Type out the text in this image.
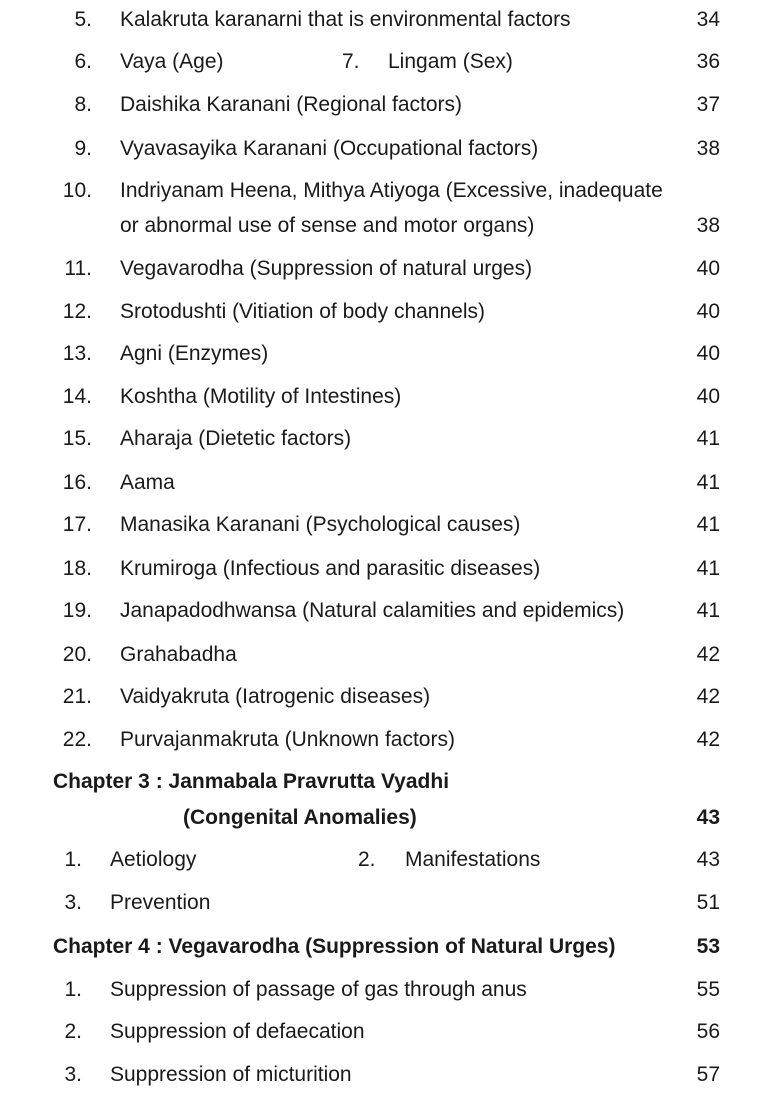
5. Kalakruta karanarni that is environmental factors	34
6. Vaya (Age)	7. Lingam (Sex)	36
8. Daishika Karanani (Regional factors)	37
9. Vyavasayika Karanani (Occupational factors)	38
10. Indriyanam Heena, Mithya Atiyoga (Excessive, inadequate
or abnormal use of sense and motor organs)	38
11. Vegavarodha (Suppression of natural urges)	40
12. Srotodushti (Vitiation of body channels)	40
13. Agni (Enzymes)	40
14. Koshtha (Motility of Intestines)	40
15. Aharaja (Dietetic factors)	41
16. Aama	41
17. Manasika Karanani (Psychological causes)	41
18. Krumiroga (Infectious and parasitic diseases)	41
19. Janapadodhwansa (Natural calamities and epidemics)	41
20. Grahabadha	42
21. Vaidyakruta (Iatrogenic diseases)	42
22. Purvajanmakruta (Unknown factors)	42
Chapter 3 : Janmabala Pravrutta Vyadhi
(Congenital Anomalies)	43
1. Aetiology	2. Manifestations	43
3. Prevention	51
Chapter 4 : Vegavarodha (Suppression of Natural Urges)	53
1. Suppression of passage of gas through anus	55
2. Suppression of defaecation	56
3. Suppression of micturition	57
